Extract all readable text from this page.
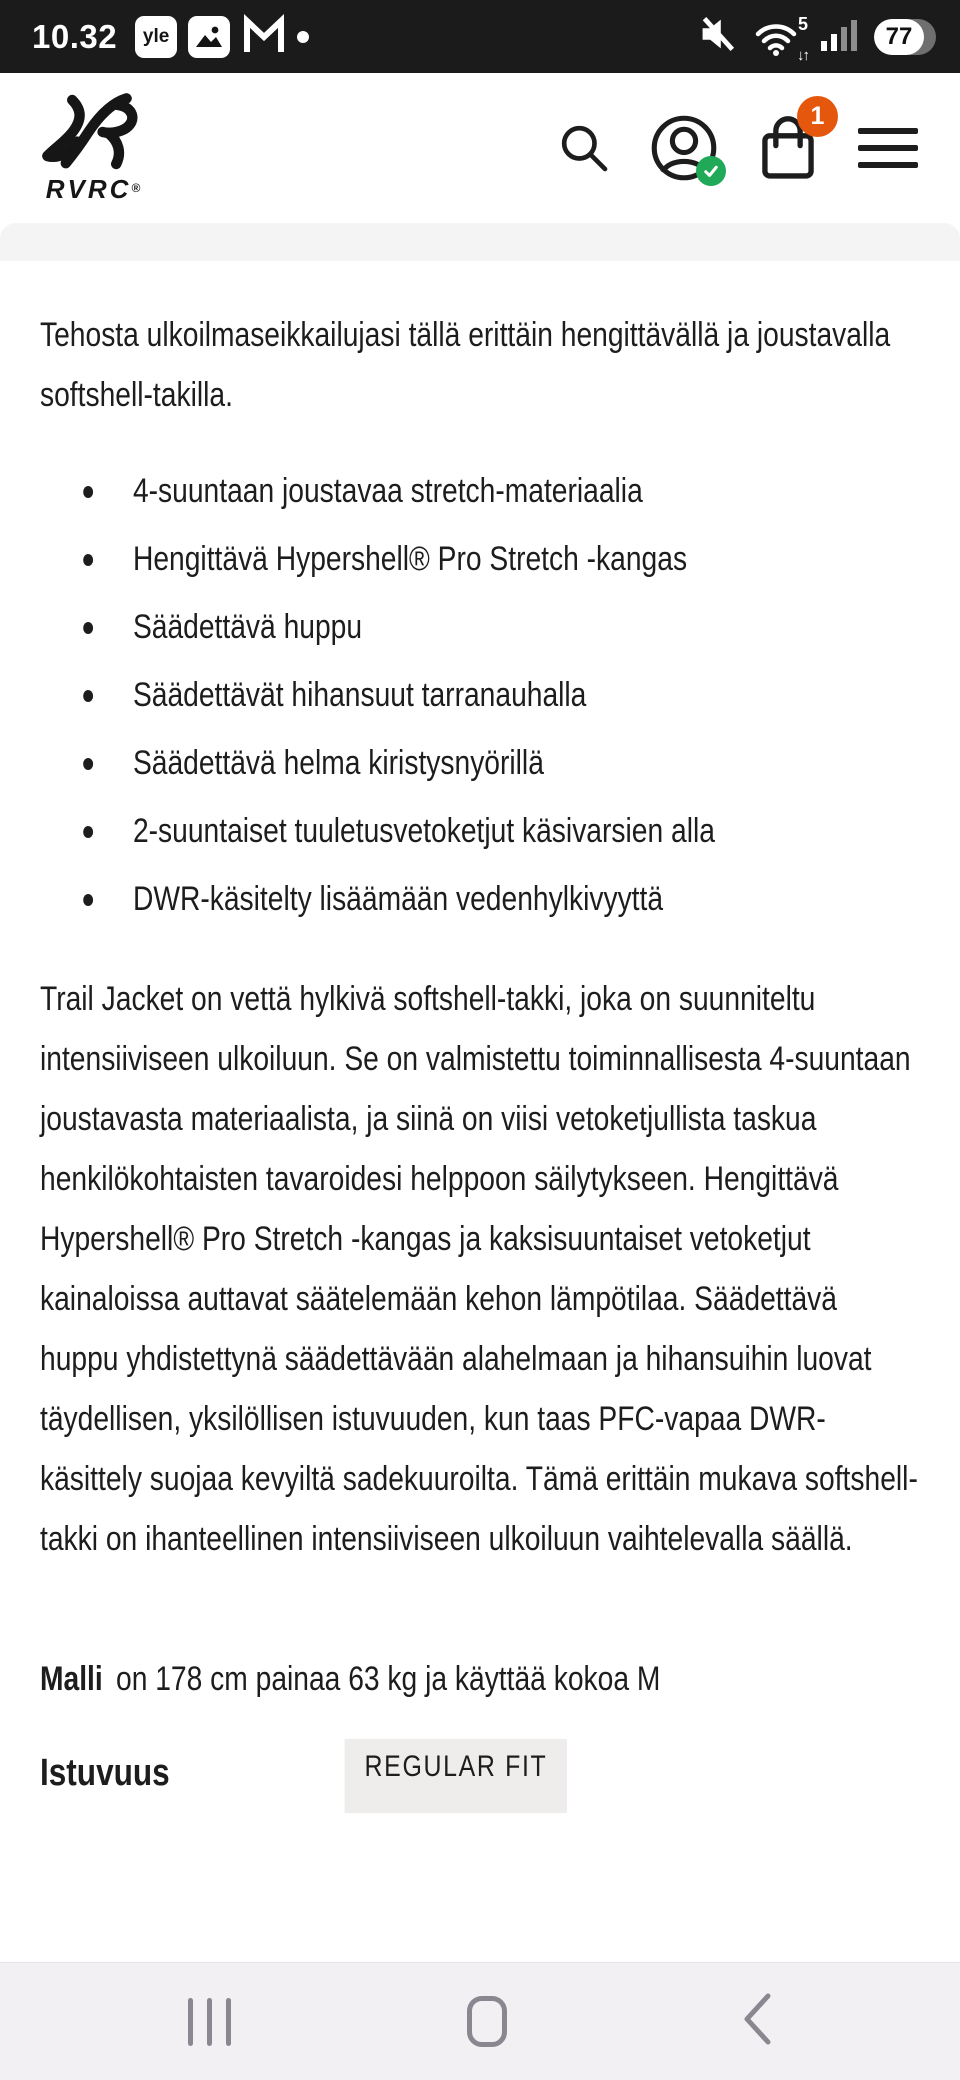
10.32 yle
5
↓↑
77
RVRC®
1

Tehosta ulkoilmaseikkailujasi tällä erittäin hengittävällä ja joustavalla softshell-takilla.

4-suuntaan joustavaa stretch-materiaalia
Hengittävä Hypershell® Pro Stretch -kangas
Säädettävä huppu
Säädettävät hihansuut tarranauhalla
Säädettävä helma kiristysnyörillä
2-suuntaiset tuuletusvetoketjut käsivarsien alla
DWR-käsitelty lisäämään vedenhylkivyyttä

Trail Jacket on vettä hylkivä softshell-takki, joka on suunniteltu intensiiviseen ulkoiluun. Se on valmistettu toiminnallisesta 4-suuntaan joustavasta materiaalista, ja siinä on viisi vetoketjullista taskua henkilökohtaisten tavaroidesi helppoon säilytykseen. Hengittävä Hypershell® Pro Stretch -kangas ja kaksisuuntaiset vetoketjut kainaloissa auttavat säätelemään kehon lämpötilaa. Säädettävä huppu yhdistettynä säädettävään alahelmaan ja hihansuihin luovat täydellisen, yksilöllisen istuvuuden, kun taas PFC-vapaa DWR-käsittely suojaa kevyiltä sadekuuroilta. Tämä erittäin mukava softshell-takki on ihanteellinen intensiiviseen ulkoiluun vaihtelevalla säällä.

Malli on 178 cm painaa 63 kg ja käyttää kokoa M

Istuvuus	REGULAR FIT
